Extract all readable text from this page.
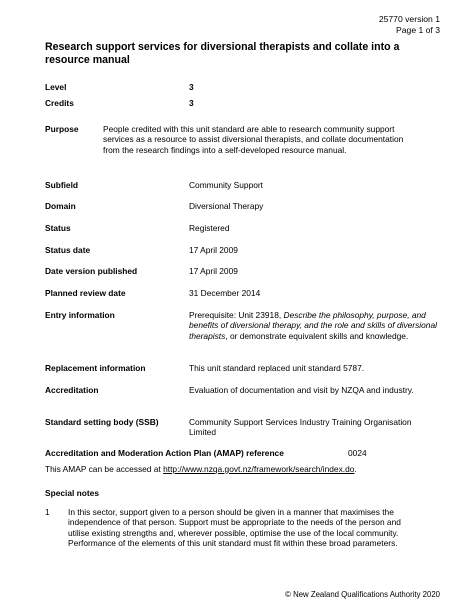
25770 version 1
Page 1 of 3
Research support services for diversional therapists and collate into a resource manual
Level	3
Credits	3
Purpose	People credited with this unit standard are able to research community support services as a resource to assist diversional therapists, and collate documentation from the research findings into a self-developed resource manual.
Subfield	Community Support
Domain	Diversional Therapy
Status	Registered
Status date	17 April 2009
Date version published	17 April 2009
Planned review date	31 December 2014
Entry information	Prerequisite: Unit 23918, Describe the philosophy, purpose, and benefits of diversional therapy, and the role and skills of diversional therapists, or demonstrate equivalent skills and knowledge.
Replacement information	This unit standard replaced unit standard 5787.
Accreditation	Evaluation of documentation and visit by NZQA and industry.
Standard setting body (SSB)	Community Support Services Industry Training Organisation Limited
Accreditation and Moderation Action Plan (AMAP) reference	0024
This AMAP can be accessed at http://www.nzqa.govt.nz/framework/search/index.do.
Special notes
1 In this sector, support given to a person should be given in a manner that maximises the independence of that person. Support must be appropriate to the needs of the person and utilise existing strengths and, wherever possible, optimise the use of the local community. Performance of the elements of this unit standard must fit within these broad parameters.
© New Zealand Qualifications Authority 2020
